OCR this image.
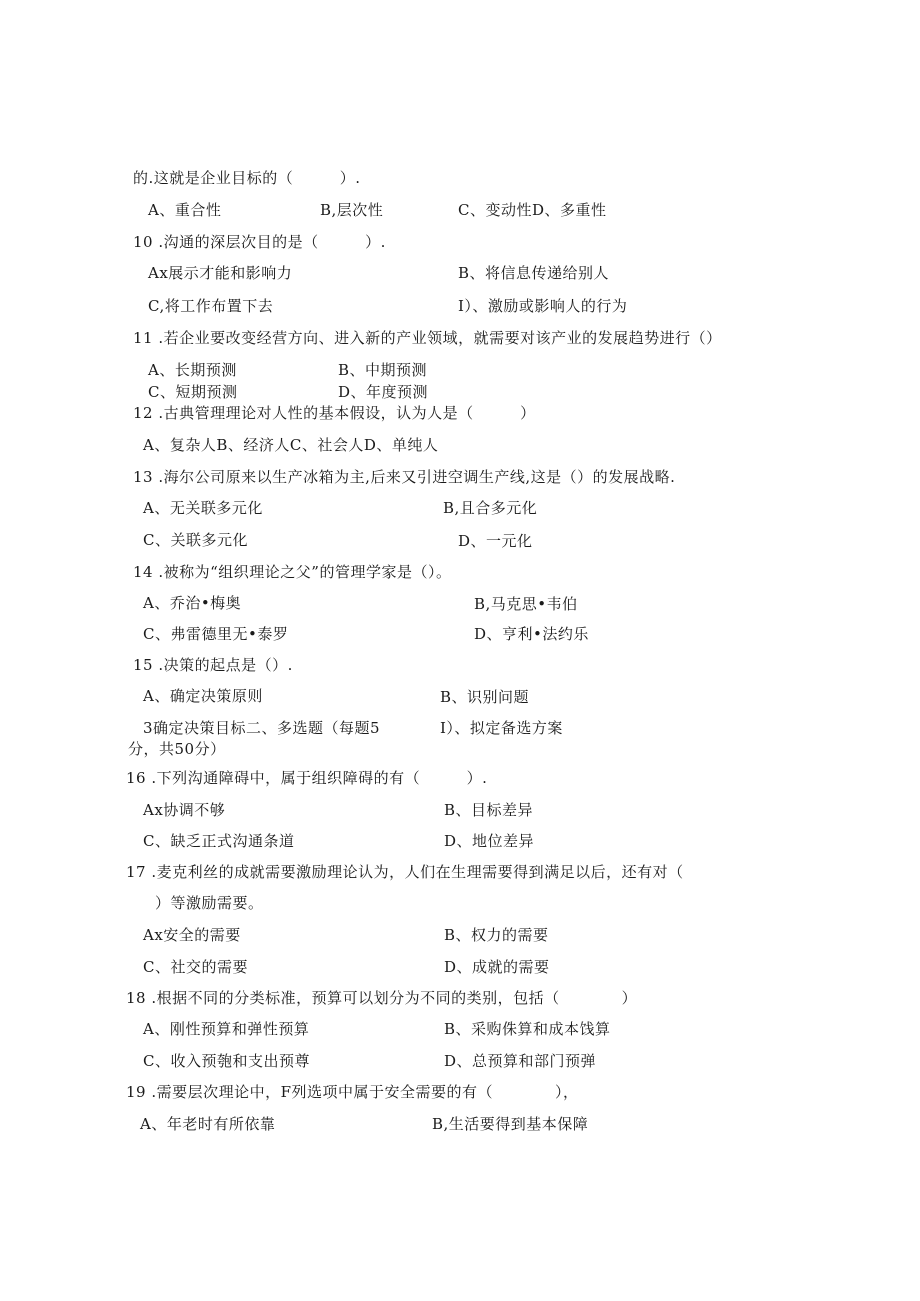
的.这就是企业目标的（　　　）.
A、重合性	B,层次性	C、变动性D、多重性
10 .沟通的深层次目的是（　　　）.
Ax展示才能和影响力	B、将信息传递给别人
C,将工作布置下去	I）、激励或影响人的行为
11 .若企业要改变经营方向、进入新的产业领域，就需要对该产业的发展趋势进行（）
A、长期预测	B、中期预测
C、短期预测	D、年度预测
12 .古典管理理论对人性的基本假设，认为人是（　　　）
A、复杂人B、经济人C、社会人D、单纯人
13 .海尔公司原来以生产冰箱为主,后来又引进空调生产线,这是（）的发展战略.
A、无关联多元化	B,且合多元化
C、关联多元化	D、一元化
14 .被称为“组织理论之父”的管理学家是（）。
A、乔治•梅奥	B,马克思•韦伯
C、弗雷德里无•泰罗	D、亨利•法约乐
15 .决策的起点是（）.
A、确定决策原则	B、识别问题
3确定决策目标二、多选题（每题5	I）、拟定备选方案
分，共50分）
16 .下列沟通障碍中，属于组织障碍的有（　　　）.
Ax协调不够	B、目标差异
C、缺乏正式沟通条道	D、地位差异
17 .麦克利丝的成就需要激励理论认为，人们在生理需要得到满足以后，还有对（
）等激励需要。
Ax安全的需要	B、权力的需要
C、社交的需要	D、成就的需要
18 .根据不同的分类标准，预算可以划分为不同的类别，包括（　　　　）
A、刚性预算和弹性预算	B、采购侏算和成本饯算
C、收入预匏和支出预尊	D、总预算和部门预弹
19 .需要层次理论中，F列选项中属于安全需要的有（　　　　），
A、年老时有所依靠	B,生活要得到基本保障
